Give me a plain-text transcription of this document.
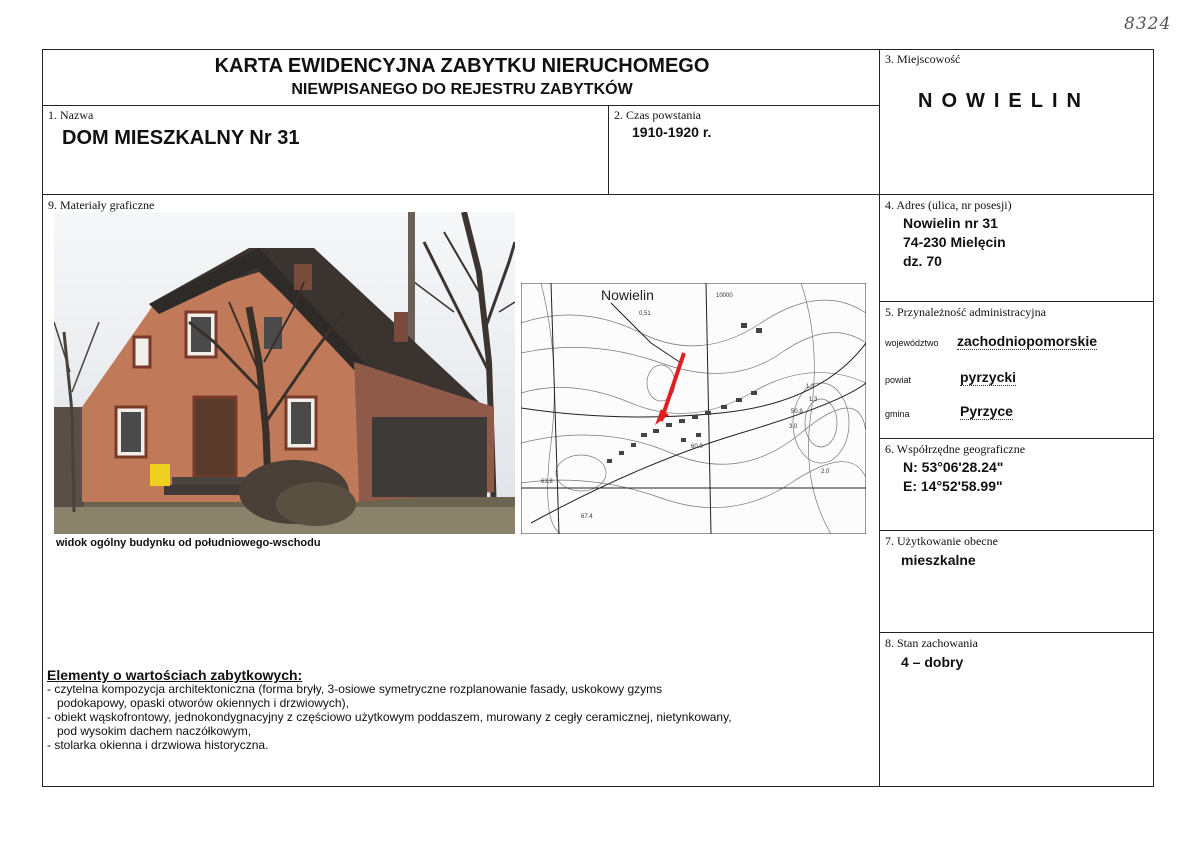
8324
KARTA EWIDENCYJNA ZABYTKU NIERUCHOMEGO
NIEWPISANEGO DO REJESTRU ZABYTKÓW
1. Nazwa
DOM MIESZKALNY Nr 31
2. Czas powstania
1910-1920 r.
3. Miejscowość
NOWIELIN
4. Adres (ulica, nr posesji)
Nowielin nr 31
74-230 Mielęcin
dz. 70
5. Przynależność administracyjna
województwo zachodniopomorskie
powiat	pyrzycki
gmina	Pyrzyce
6. Współrzędne geograficzne
N: 53°06'28.24"
E: 14°52'58.99"
7. Użytkowanie obecne
mieszkalne
8. Stan zachowania
4 – dobry
9. Materiały graficzne
widok ogólny budynku od południowego-wschodu
Nowielin
0,51
10000
1.2
1.3
50.8
3.0
60.0
2.0
63.8
67.4
Elementy o wartościach zabytkowych:
- czytelna kompozycja architektoniczna (forma bryły, 3-osiowe symetryczne rozplanowanie fasady, uskokowy gzyms
podokapowy, opaski otworów okiennych i drzwiowych),
- obiekt wąskofrontowy, jednokondygnacyjny z częściowo użytkowym poddaszem, murowany z cegły ceramicznej, nietynkowany,
pod wysokim dachem naczółkowym,
- stolarka okienna i drzwiowa historyczna.
